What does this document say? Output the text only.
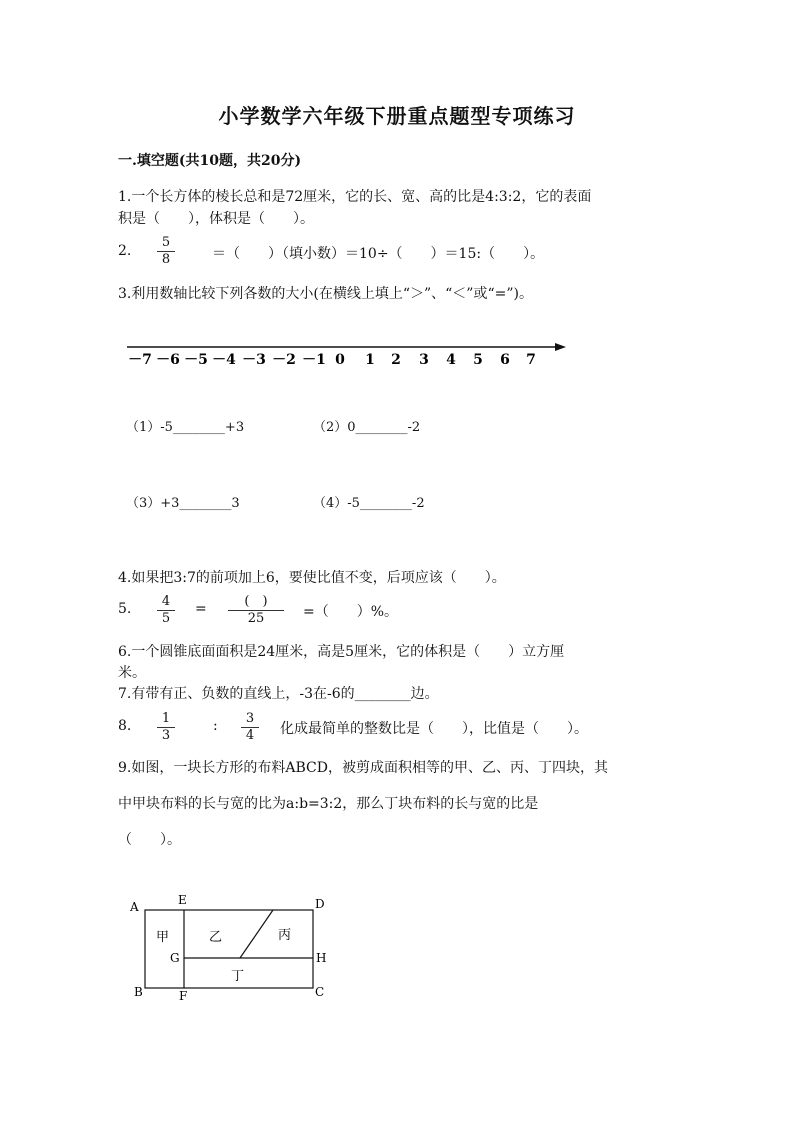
小学数学六年级下册重点题型专项练习
一.填空题(共10题，共20分)
1.一个长方体的棱长总和是72厘米，它的长、宽、高的比是4:3:2，它的表面
积是（　　），体积是（　　）。
2. $\frac{5}{8}$	＝（　　）（填小数）＝10÷（　　）＝15:（　　）。
3.利用数轴比较下列各数的大小(在横线上填上“＞”、“＜”或“=”)。
－7 －6 －5 －4 －3 －2 －1 0 1 2 3 4 5 6 7
（1）-5________+3	（2）0________-2
（3）+3________3	（4）-5________-2
4.如果把3:7的前项加上6，要使比值不变，后项应该（　　）。
5. $\frac{4}{5}$ =	(　)
25	=（　　）%。
6.一个圆锥底面面积是24厘米，高是5厘米，它的体积是（　　）立方厘
米。
7.有带有正、负数的直线上，-3在-6的________边。
8. $\frac{1}{3}$	: $\frac{3}{4}$ 化成最简单的整数比是（　　），比值是（　　）。
9.如图，一块长方形的布料ABCD，被剪成面积相等的甲、乙、丙、丁四块，其
中甲块布料的长与宽的比为a:b=3:2，那么丁块布料的长与宽的比是
（　　）。
A
B	C
D
E
F
G	H
甲	乙	丙
丁
